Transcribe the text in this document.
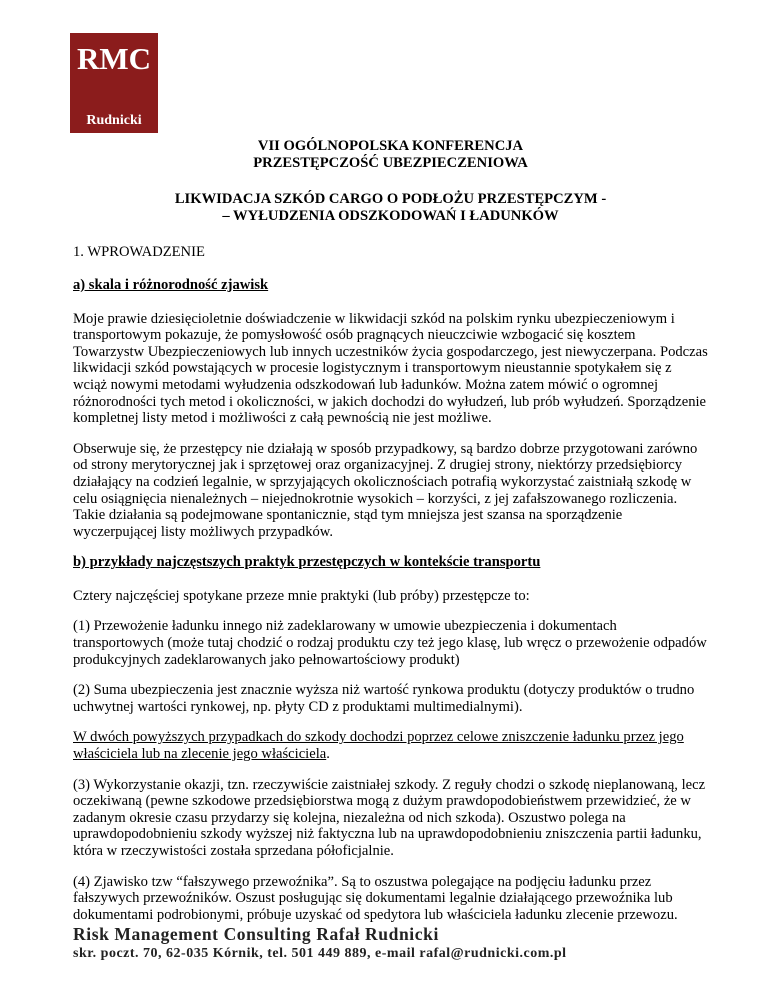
RMC
Rudnicki
VII OGÓLNOPOLSKA KONFERENCJA
PRZESTĘPCZOŚĆ UBEZPIECZENIOWA
LIKWIDACJA SZKÓD CARGO O PODŁOŻU PRZESTĘPCZYM -
– WYŁUDZENIA ODSZKODOWAŃ I ŁADUNKÓW
1. WPROWADZENIE
a) skala i różnorodność zjawisk

Moje prawie dziesięcioletnie doświadczenie w likwidacji szkód na polskim rynku ubezpieczeniowym i transportowym pokazuje, że pomysłowość osób pragnących nieuczciwie wzbogacić się kosztem Towarzystw Ubezpieczeniowych lub innych uczestników życia gospodarczego, jest niewyczerpana. Podczas likwidacji szkód powstających w procesie logistycznym i transportowym nieustannie spotykałem się z wciąż nowymi metodami wyłudzenia odszkodowań lub ładunków. Można zatem mówić o ogromnej różnorodności tych metod i okoliczności, w jakich dochodzi do wyłudzeń, lub prób wyłudzeń. Sporządzenie kompletnej listy metod i możliwości z całą pewnością nie jest możliwe.

Obserwuje się, że przestępcy nie działają w sposób przypadkowy, są bardzo dobrze przygotowani zarówno od strony merytorycznej jak i sprzętowej oraz organizacyjnej. Z drugiej strony, niektórzy przedsiębiorcy działający na codzień legalnie, w sprzyjających okolicznościach potrafią wykorzystać zaistniałą szkodę w celu osiągnięcia nienależnych – niejednokrotnie wysokich – korzyści, z jej zafałszowanego rozliczenia. Takie działania są podejmowane spontanicznie, stąd tym mniejsza jest szansa na sporządzenie wyczerpującej listy możliwych przypadków.

b) przykłady najczęstszych praktyk przestępczych w kontekście transportu

Cztery najczęściej spotykane przeze mnie praktyki (lub próby) przestępcze to:

(1) Przewożenie ładunku innego niż zadeklarowany w umowie ubezpieczenia i dokumentach transportowych (może tutaj chodzić o rodzaj produktu czy też jego klasę, lub wręcz o przewożenie odpadów produkcyjnych zadeklarowanych jako pełnowartościowy produkt)

(2) Suma ubezpieczenia jest znacznie wyższa niż wartość rynkowa produktu (dotyczy produktów o trudno uchwytnej wartości rynkowej, np. płyty CD z produktami multimedialnymi).

W dwóch powyższych przypadkach do szkody dochodzi poprzez celowe zniszczenie ładunku przez jego właściciela lub na zlecenie jego właściciela.

(3) Wykorzystanie okazji, tzn. rzeczywiście zaistniałej szkody. Z reguły chodzi o szkodę nieplanowaną, lecz oczekiwaną (pewne szkodowe przedsiębiorstwa mogą z dużym prawdopodobieństwem przewidzieć, że w zadanym okresie czasu przydarzy się kolejna, niezależna od nich szkoda). Oszustwo polega na uprawdopodobnieniu szkody wyższej niż faktyczna lub na uprawdopodobnieniu zniszczenia partii ładunku, która w rzeczywistości została sprzedana półoficjalnie.

(4) Zjawisko tzw “fałszywego przewoźnika”. Są to oszustwa polegające na podjęciu ładunku przez fałszywych przewoźników. Oszust posługując się dokumentami legalnie działającego przewoźnika lub dokumentami podrobionymi, próbuje uzyskać od spedytora lub właściciela ładunku zlecenie przewozu.

Risk Management Consulting Rafał Rudnicki
skr. poczt. 70, 62-035 Kórnik, tel. 501 449 889, e-mail rafal@rudnicki.com.pl
